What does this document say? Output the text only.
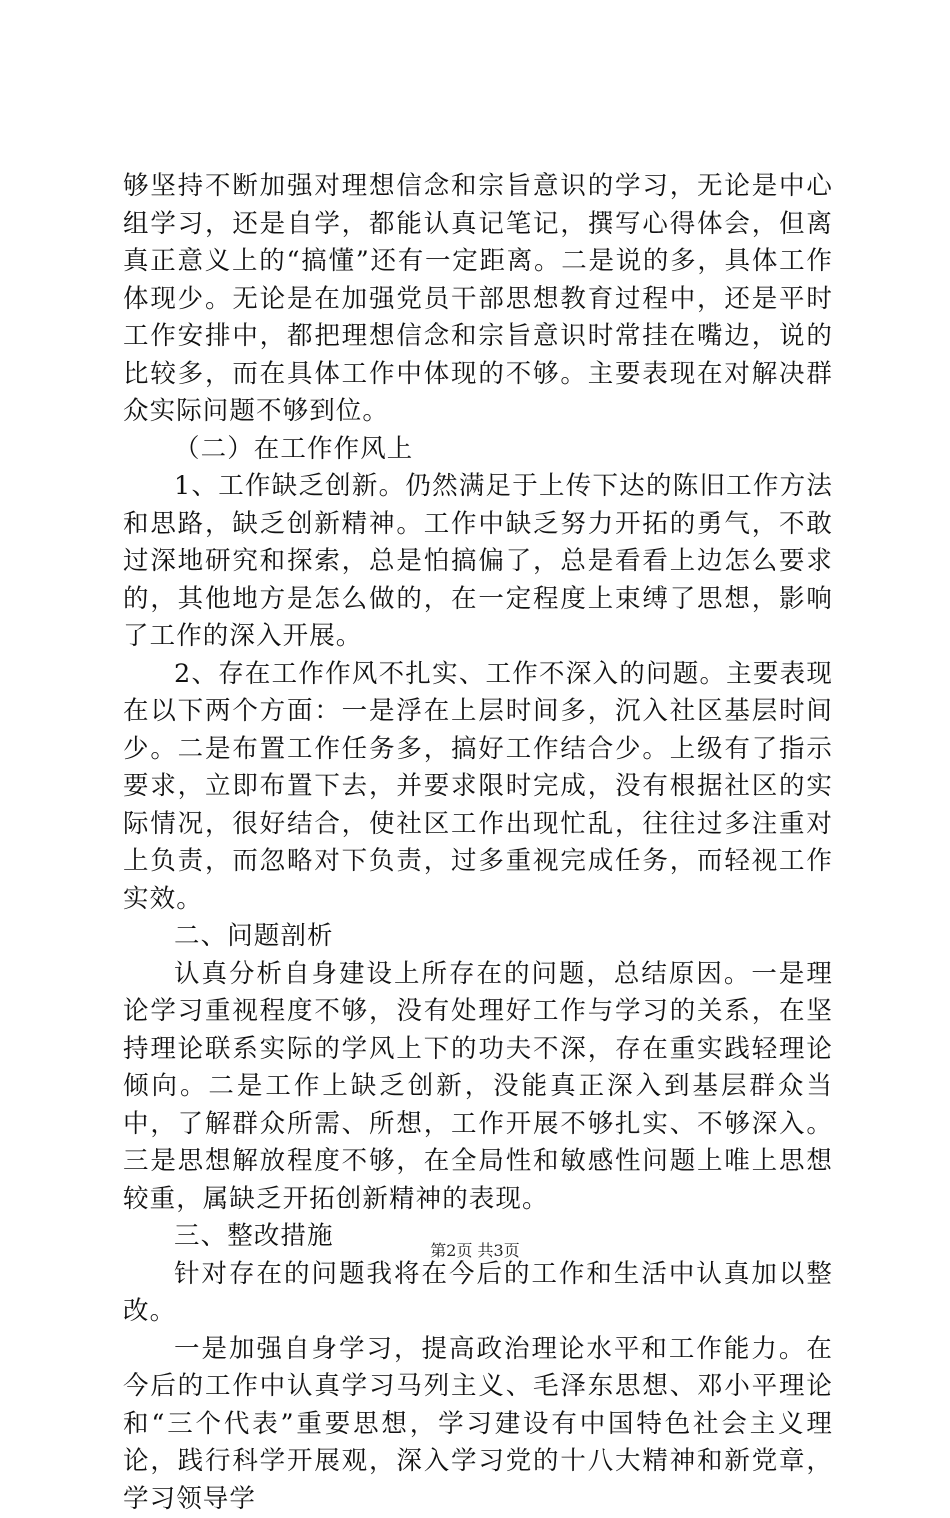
够坚持不断加强对理想信念和宗旨意识的学习，无论是中心组学习，还是自学，都能认真记笔记，撰写心得体会，但离真正意义上的“搞懂”还有一定距离。二是说的多，具体工作体现少。无论是在加强党员干部思想教育过程中，还是平时工作安排中，都把理想信念和宗旨意识时常挂在嘴边，说的比较多，而在具体工作中体现的不够。主要表现在对解决群众实际问题不够到位。

（二）在工作作风上

1、工作缺乏创新。仍然满足于上传下达的陈旧工作方法和思路，缺乏创新精神。工作中缺乏努力开拓的勇气，不敢过深地研究和探索，总是怕搞偏了，总是看看上边怎么要求的，其他地方是怎么做的，在一定程度上束缚了思想，影响了工作的深入开展。

2、存在工作作风不扎实、工作不深入的问题。主要表现在以下两个方面：一是浮在上层时间多，沉入社区基层时间少。二是布置工作任务多，搞好工作结合少。上级有了指示要求，立即布置下去，并要求限时完成，没有根据社区的实际情况，很好结合，使社区工作出现忙乱，往往过多注重对上负责，而忽略对下负责，过多重视完成任务，而轻视工作实效。

二、问题剖析

认真分析自身建设上所存在的问题，总结原因。一是理论学习重视程度不够，没有处理好工作与学习的关系，在坚持理论联系实际的学风上下的功夫不深，存在重实践轻理论倾向。二是工作上缺乏创新，没能真正深入到基层群众当中，了解群众所需、所想，工作开展不够扎实、不够深入。三是思想解放程度不够，在全局性和敏感性问题上唯上思想较重，属缺乏开拓创新精神的表现。

三、整改措施

针对存在的问题我将在今后的工作和生活中认真加以整改。

一是加强自身学习，提高政治理论水平和工作能力。在今后的工作中认真学习马列主义、毛泽东思想、邓小平理论和“三个代表”重要思想，学习建设有中国特色社会主义理论，践行科学开展观，深入学习党的十八大精神和新党章，学习领导学

第2页 共3页
